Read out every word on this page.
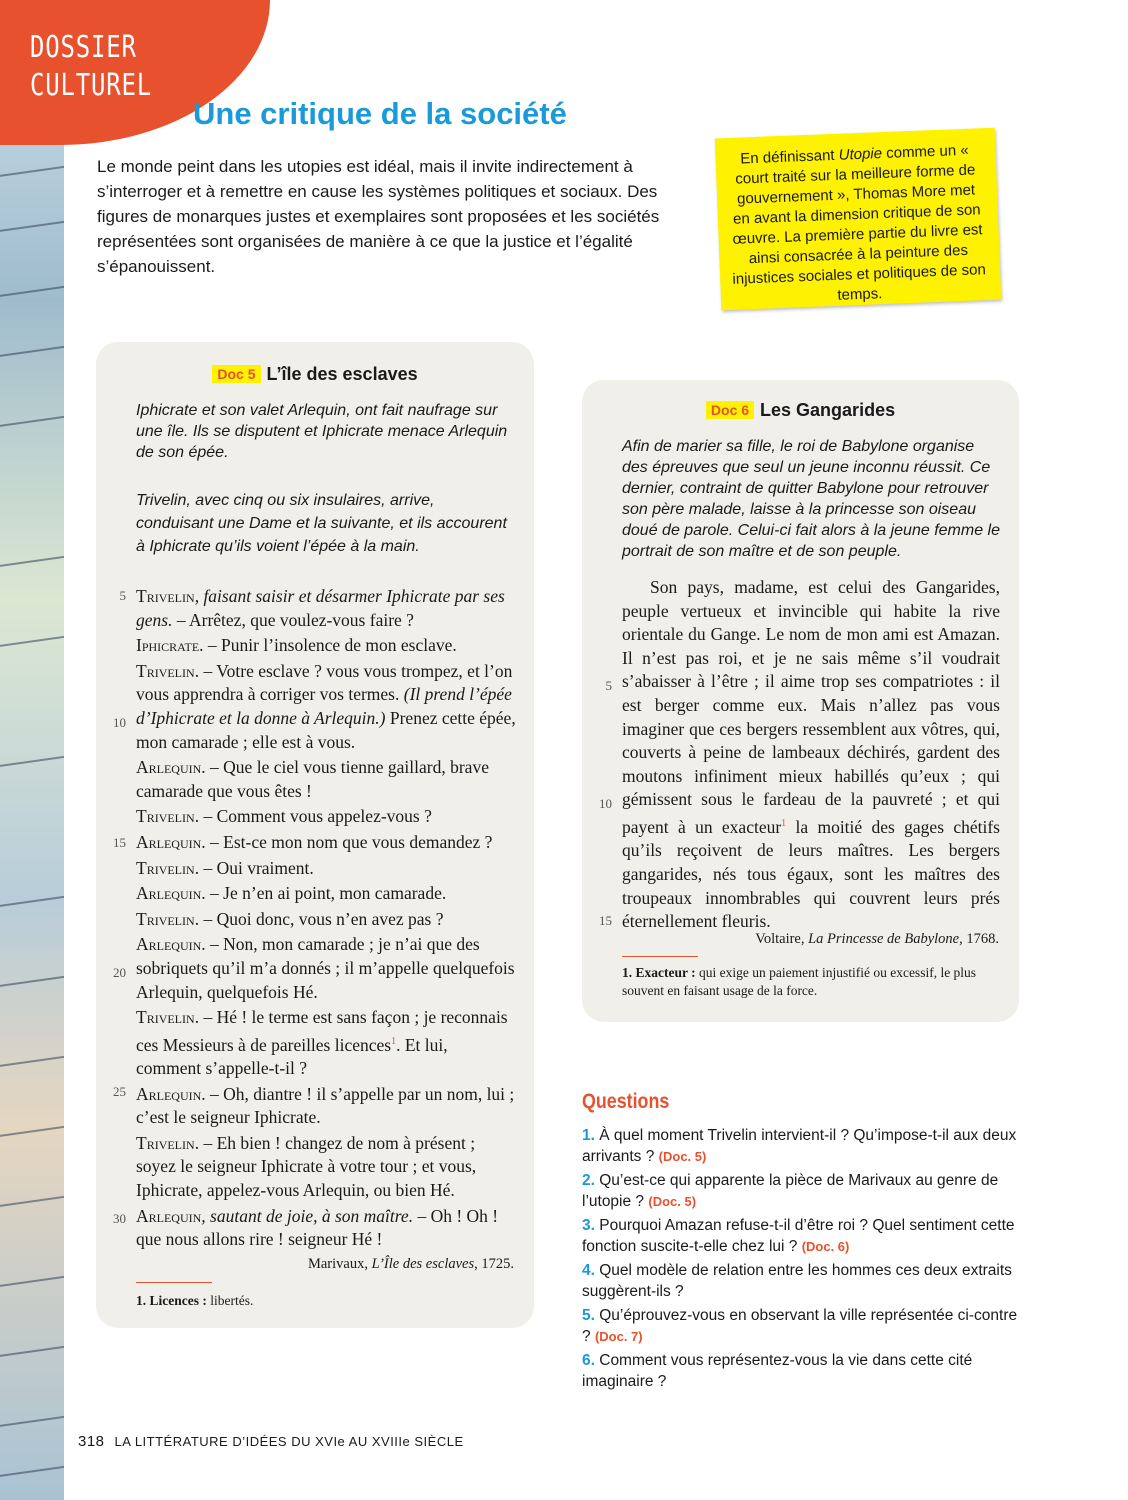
DOSSIER
CULTUREL
Une critique de la société

Le monde peint dans les utopies est idéal, mais il invite indirectement à s’interroger et à remettre en cause les systèmes politiques et sociaux. Des figures de monarques justes et exemplaires sont proposées et les sociétés représentées sont organisées de manière à ce que la justice et l’égalité s’épanouissent.

En définissant Utopie comme un « court traité sur la meilleure forme de gouvernement », Thomas More met en avant la dimension critique de son œuvre. La première partie du livre est ainsi consacrée à la peinture des injustices sociales et politiques de son temps.

Doc 5 L’île des esclaves

Iphicrate et son valet Arlequin, ont fait naufrage sur une île. Ils se disputent et Iphicrate menace Arlequin de son épée.

Trivelin, avec cinq ou six insulaires, arrive, conduisant une Dame et la suivante, et ils accourent à Iphicrate qu’ils voient l’épée à la main.

5
10
15
20
25
30

Trivelin, faisant saisir et désarmer Iphicrate par ses gens. – Arrêtez, que voulez-vous faire ?

Iphicrate. – Punir l’insolence de mon esclave.

Trivelin. – Votre esclave ? vous vous trompez, et l’on vous apprendra à corriger vos termes. (Il prend l’épée d’Iphicrate et la donne à Arlequin.) Prenez cette épée, mon camarade ; elle est à vous.

Arlequin. – Que le ciel vous tienne gaillard, brave camarade que vous êtes !

Trivelin. – Comment vous appelez-vous ?

Arlequin. – Est-ce mon nom que vous demandez ?

Trivelin. – Oui vraiment.

Arlequin. – Je n’en ai point, mon camarade.

Trivelin. – Quoi donc, vous n’en avez pas ?

Arlequin. – Non, mon camarade ; je n’ai que des sobriquets qu’il m’a donnés ; il m’appelle quelquefois Arlequin, quelquefois Hé.

Trivelin. – Hé ! le terme est sans façon ; je reconnais ces Messieurs à de pareilles licences$^1$. Et lui, comment s’appelle-t-il ?

Arlequin. – Oh, diantre ! il s’appelle par un nom, lui ; c’est le seigneur Iphicrate.

Trivelin. – Eh bien ! changez de nom à présent ; soyez le seigneur Iphicrate à votre tour ; et vous, Iphicrate, appelez-vous Arlequin, ou bien Hé.

Arlequin, sautant de joie, à son maître. – Oh ! Oh ! que nous allons rire ! seigneur Hé !

Marivaux, L’Île des esclaves, 1725.
1. Licences : libertés.
Doc 6 Les Gangarides

Afin de marier sa fille, le roi de Babylone organise des épreuves que seul un jeune inconnu réussit. Ce dernier, contraint de quitter Babylone pour retrouver son père malade, laisse à la princesse son oiseau doué de parole. Celui-ci fait alors à la jeune femme le portrait de son maître et de son peuple.

5
10
15

Son pays, madame, est celui des Gangarides, peuple vertueux et invincible qui habite la rive orientale du Gange. Le nom de mon ami est Amazan. Il n’est pas roi, et je ne sais même s’il voudrait s’abaisser à l’être ; il aime trop ses compatriotes : il est berger comme eux. Mais n’allez pas vous imaginer que ces bergers ressemblent aux vôtres, qui, couverts à peine de lambeaux déchirés, gardent des moutons infiniment mieux habillés qu’eux ; qui gémissent sous le fardeau de la pauvreté ; et qui payent à un exacteur$^1$ la moitié des gages chétifs qu’ils reçoivent de leurs maîtres. Les bergers gangarides, nés tous égaux, sont les maîtres des troupeaux innombrables qui couvrent leurs prés éternellement fleuris.

Voltaire, La Princesse de Babylone, 1768.
1. Exacteur : qui exige un paiement injustifié ou excessif, le plus souvent en faisant usage de la force.
Questions
1. À quel moment Trivelin intervient-il ? Qu’impose-t-il aux deux arrivants ? (Doc. 5)
2. Qu’est-ce qui apparente la pièce de Marivaux au genre de l’utopie ? (Doc. 5)
3. Pourquoi Amazan refuse-t-il d’être roi ? Quel sentiment cette fonction suscite-t-elle chez lui ? (Doc. 6)
4. Quel modèle de relation entre les hommes ces deux extraits suggèrent-ils ?
5. Qu’éprouvez-vous en observant la ville représentée ci-contre ? (Doc. 7)
6. Comment vous représentez-vous la vie dans cette cité imaginaire ?
318 LA LITTÉRATURE D’IDÉES DU XVIe AU XVIIIe SIÈCLE
